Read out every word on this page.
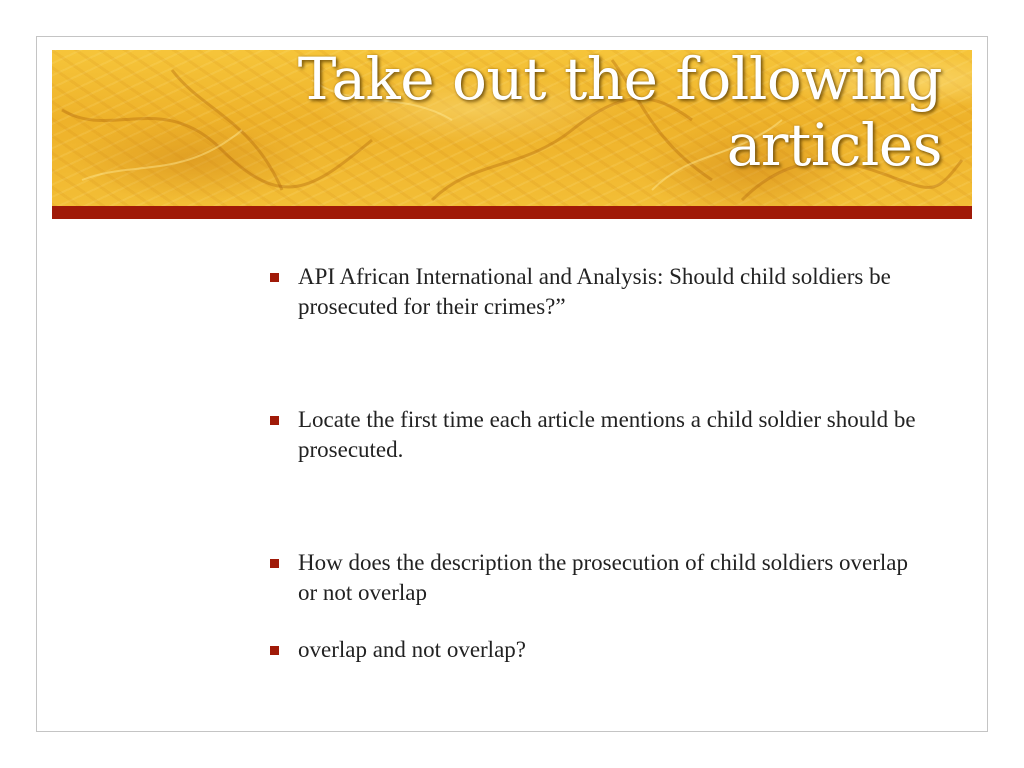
Take out the following
articles
API African International and Analysis: Should child soldiers be prosecuted for their crimes?”
Locate the first time each article mentions a child soldier should be prosecuted.
How does the description the prosecution of child soldiers overlap or not overlap
overlap and not overlap?
